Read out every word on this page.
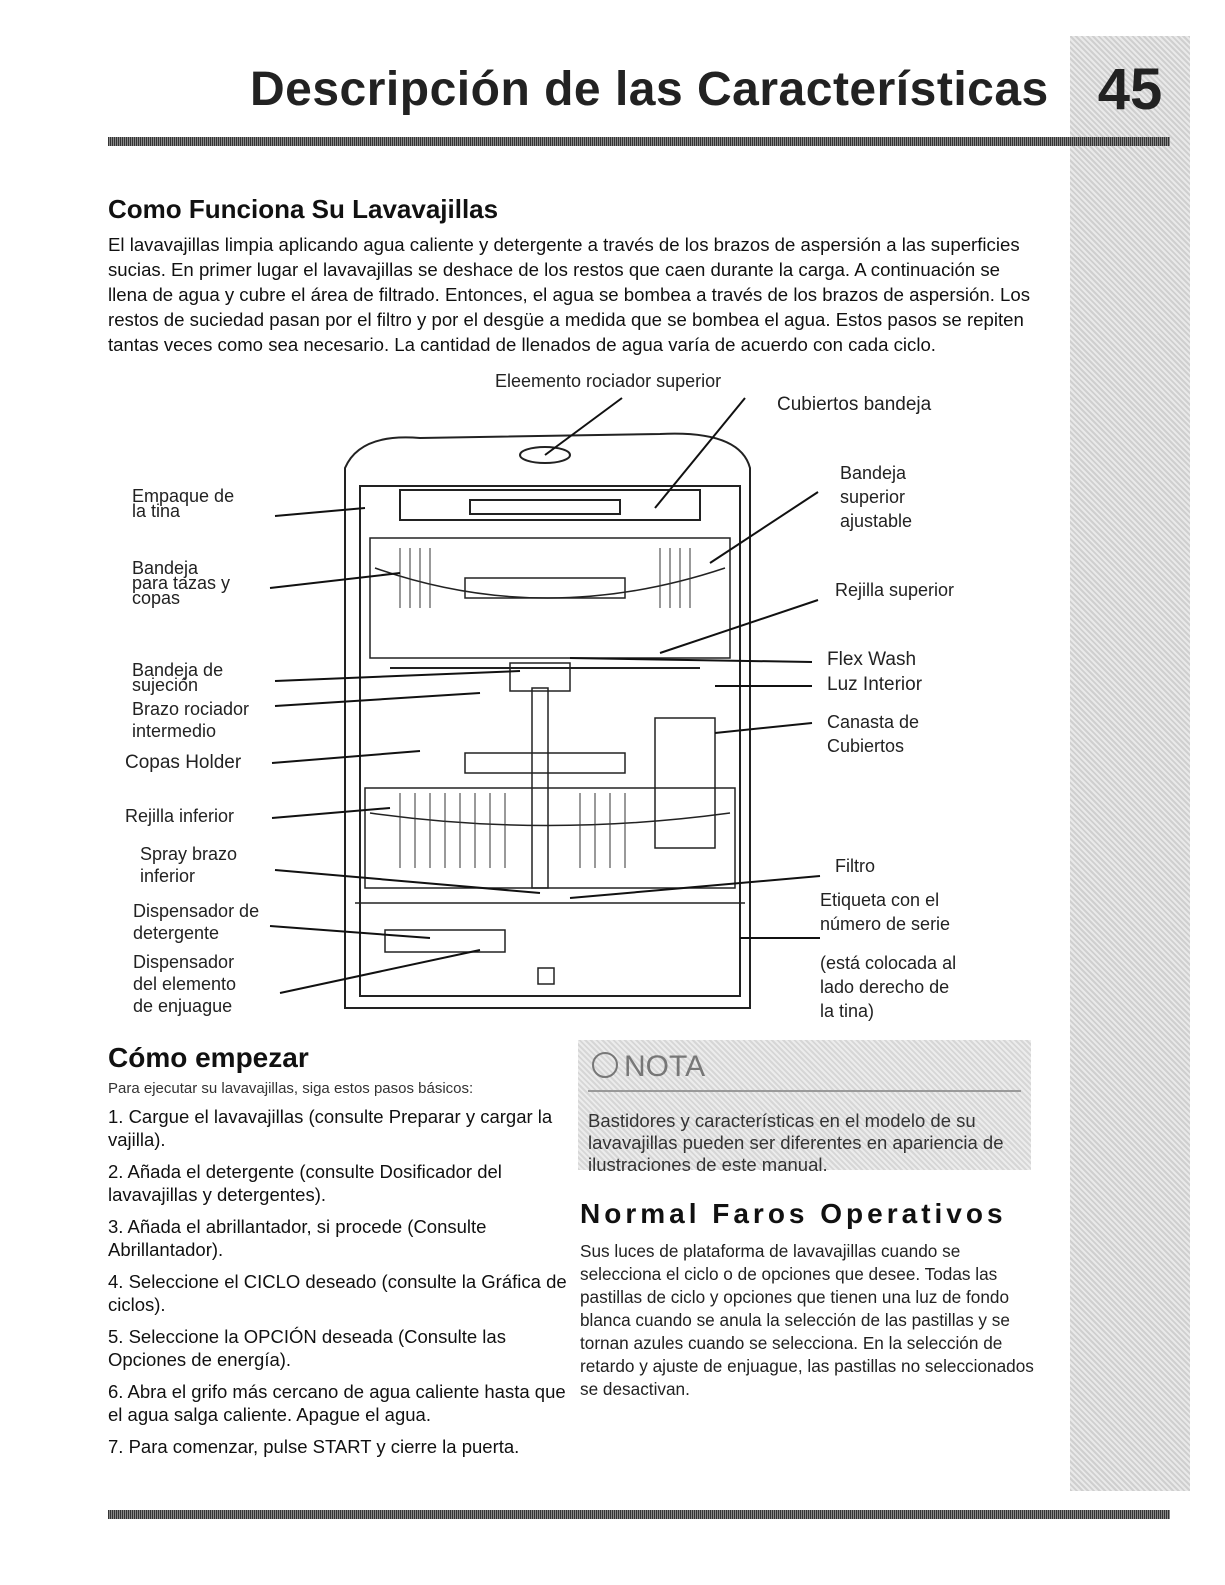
45
Descripción de las Características
Como Funciona Su Lavavajillas

El lavavajillas limpia aplicando agua caliente y detergente a través de los brazos de aspersión a las superficies sucias. En primer lugar el lavavajillas se deshace de los restos que caen durante la carga. A continuación se llena de agua y cubre el área de filtrado. Entonces, el agua se bombea a través de los brazos de aspersión. Los restos de suciedad pasan por el filtro y por el desgüe a medida que se bombea el agua. Estos pasos se repiten tantas veces como sea necesario. La cantidad de llenados de agua varía de acuerdo con cada ciclo.

Eleemento rociador superior
Cubiertos bandeja
Empaque de
la tina
Bandeja
para tazas y
copas
Bandeja de
sujeción
Brazo rociador
intermedio
Copas Holder
Rejilla inferior
Spray brazo
inferior
Dispensador de
detergente
Dispensador
del elemento
de enjuague
Bandeja
superior
ajustable
Rejilla superior
Flex Wash
Luz Interior
Canasta de
Cubiertos
Filtro
Etiqueta con el
número de serie
(está colocada al
lado derecho de
la tina)
Cómo empezar
Para ejecutar su lavavajillas, siga estos pasos básicos:
1. Cargue el lavavajillas (consulte Preparar y cargar la vajilla).
2. Añada el detergente (consulte Dosificador del lavavajillas y detergentes).
3. Añada el abrillantador, si procede (Consulte Abrillantador).
4. Seleccione el CICLO deseado (consulte la Gráfica de ciclos).
5. Seleccione la OPCIÓN deseada (Consulte las Opciones de energía).
6. Abra el grifo más cercano de agua caliente hasta que el agua salga caliente. Apague el agua.
7. Para comenzar, pulse START y cierre la puerta.
NOTA

Bastidores y características en el modelo de su lavavajillas pueden ser diferentes en apariencia de ilustraciones de este manual.

Normal Faros Operativos

Sus luces de plataforma de lavavajillas cuando se selecciona el ciclo o de opciones que desee. Todas las pastillas de ciclo y opciones que tienen una luz de fondo blanca cuando se anula la selección de las pastillas y se tornan azules cuando se selecciona. En la selección de retardo y ajuste de enjuague, las pastillas no seleccionados se desactivan.
